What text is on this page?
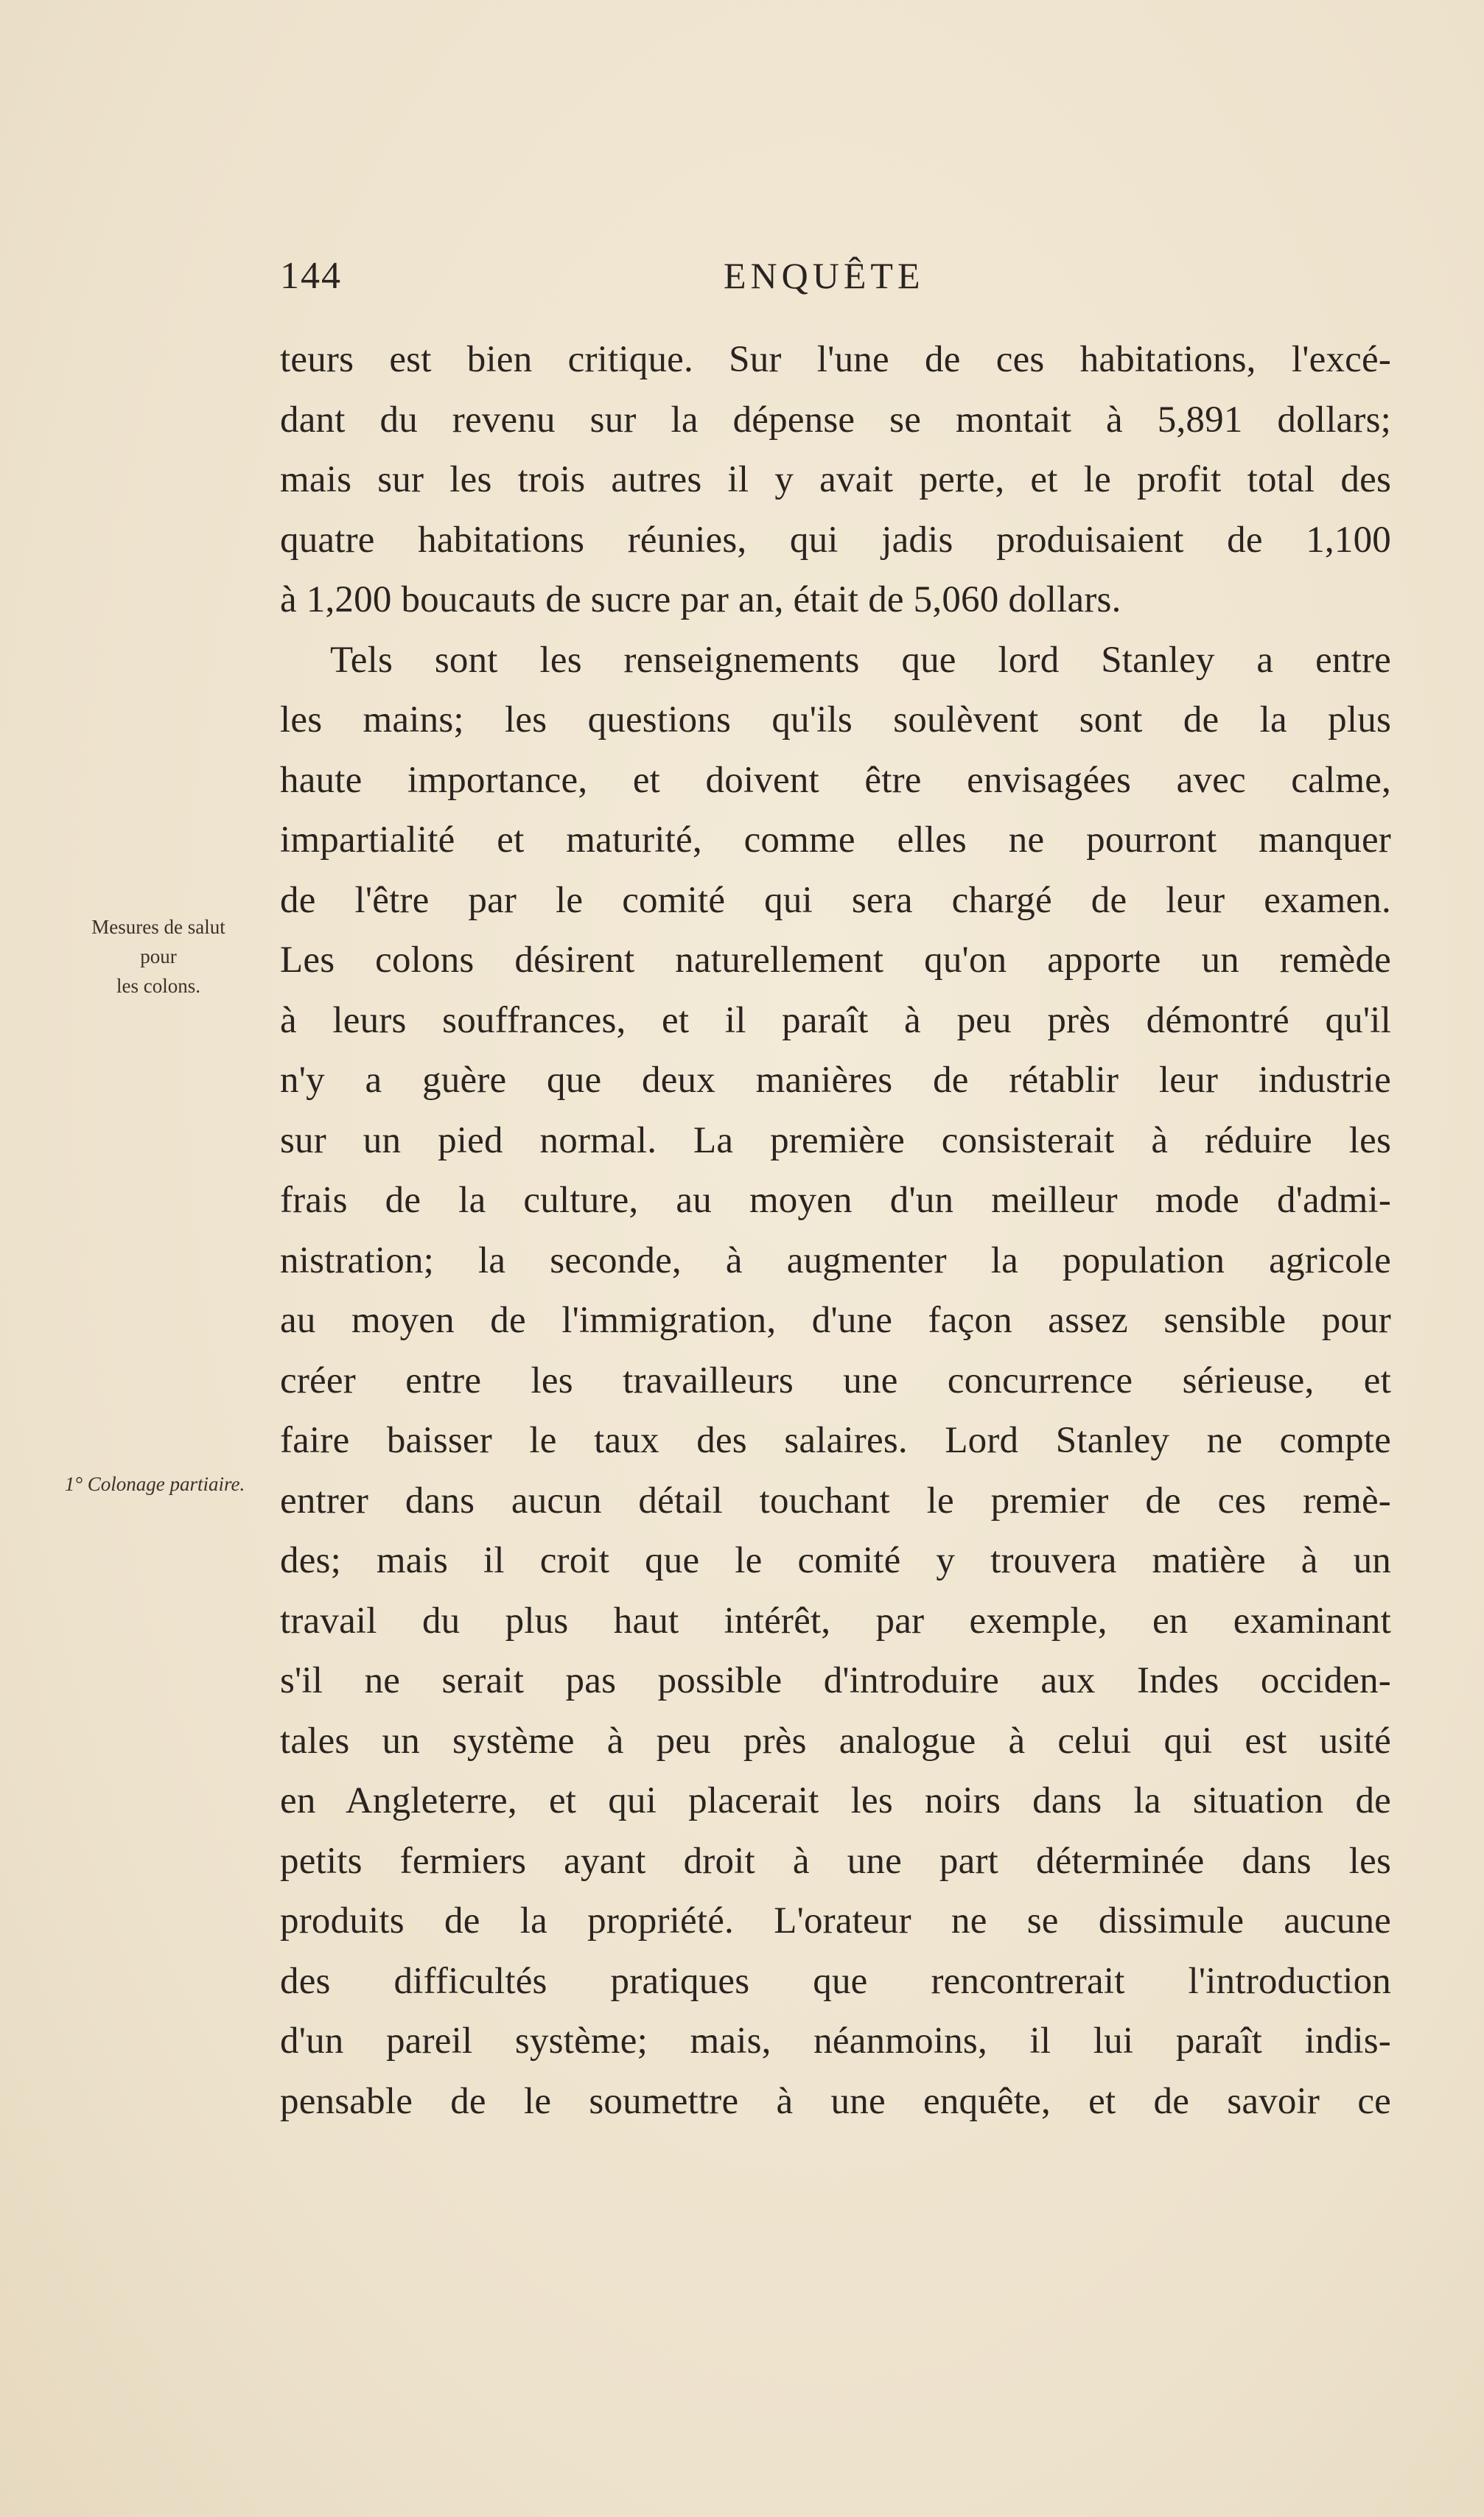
144	ENQUÊTE
Mesures de salut
pour
les colons.
1° Colonage partiaire.
teurs est bien critique. Sur l'une de ces habitations, l'excé-
dant du revenu sur la dépense se montait à 5,891 dollars;
mais sur les trois autres il y avait perte, et le profit total des
quatre habitations réunies, qui jadis produisaient de 1,100
à 1,200 boucauts de sucre par an, était de 5,060 dollars.
Tels sont les renseignements que lord Stanley a entre
les mains; les questions qu'ils soulèvent sont de la plus
haute importance, et doivent être envisagées avec calme,
impartialité et maturité, comme elles ne pourront manquer
de l'être par le comité qui sera chargé de leur examen.
Les colons désirent naturellement qu'on apporte un remède
à leurs souffrances, et il paraît à peu près démontré qu'il
n'y a guère que deux manières de rétablir leur industrie
sur un pied normal. La première consisterait à réduire les
frais de la culture, au moyen d'un meilleur mode d'admi-
nistration; la seconde, à augmenter la population agricole
au moyen de l'immigration, d'une façon assez sensible pour
créer entre les travailleurs une concurrence sérieuse, et
faire baisser le taux des salaires. Lord Stanley ne compte
entrer dans aucun détail touchant le premier de ces remè-
des; mais il croit que le comité y trouvera matière à un
travail du plus haut intérêt, par exemple, en examinant
s'il ne serait pas possible d'introduire aux Indes occiden-
tales un système à peu près analogue à celui qui est usité
en Angleterre, et qui placerait les noirs dans la situation de
petits fermiers ayant droit à une part déterminée dans les
produits de la propriété. L'orateur ne se dissimule aucune
des difficultés pratiques que rencontrerait l'introduction
d'un pareil système; mais, néanmoins, il lui paraît indis-
pensable de le soumettre à une enquête, et de savoir ce
